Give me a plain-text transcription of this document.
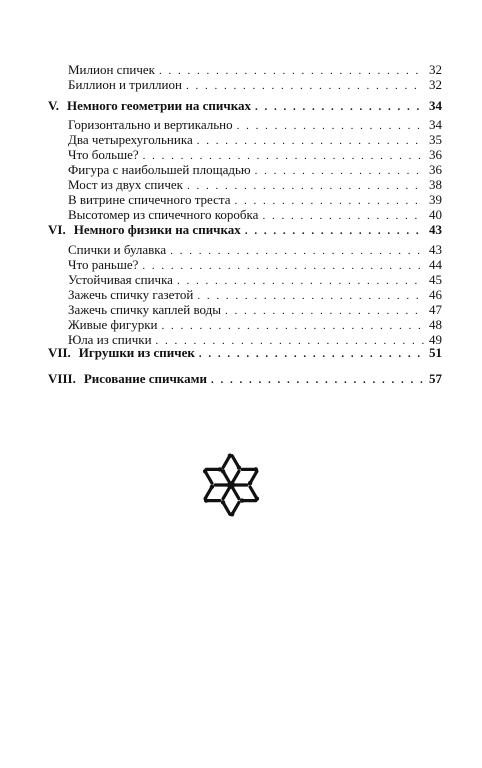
Милион спичек . . .	32
Биллион и триллион . . .	32
V. Немного геометрии на спичках . . .	34
Горизонтально и вертикально . . .	34
Два четырехугольника . . .	35
Что больше? . . .	36
Фигура с наибольшей площадью . . .	36
Мост из двух спичек . . .	38
В витрине спичечного треста . . .	39
Высотомер из спичечного коробка . . .	40
VI. Немного физики на спичках . . .	43
Спички и булавка . . .	43
Что раньше? . . .	44
Устойчивая спичка . . .	45
Зажечь спичку газетой . . .	46
Зажечь спичку каплей воды . . .	47
Живые фигурки . . .	48
Юла из спички . . .	49
VII. Игрушки из спичек . . .	51
VIII. Рисование спичками . . .	57
